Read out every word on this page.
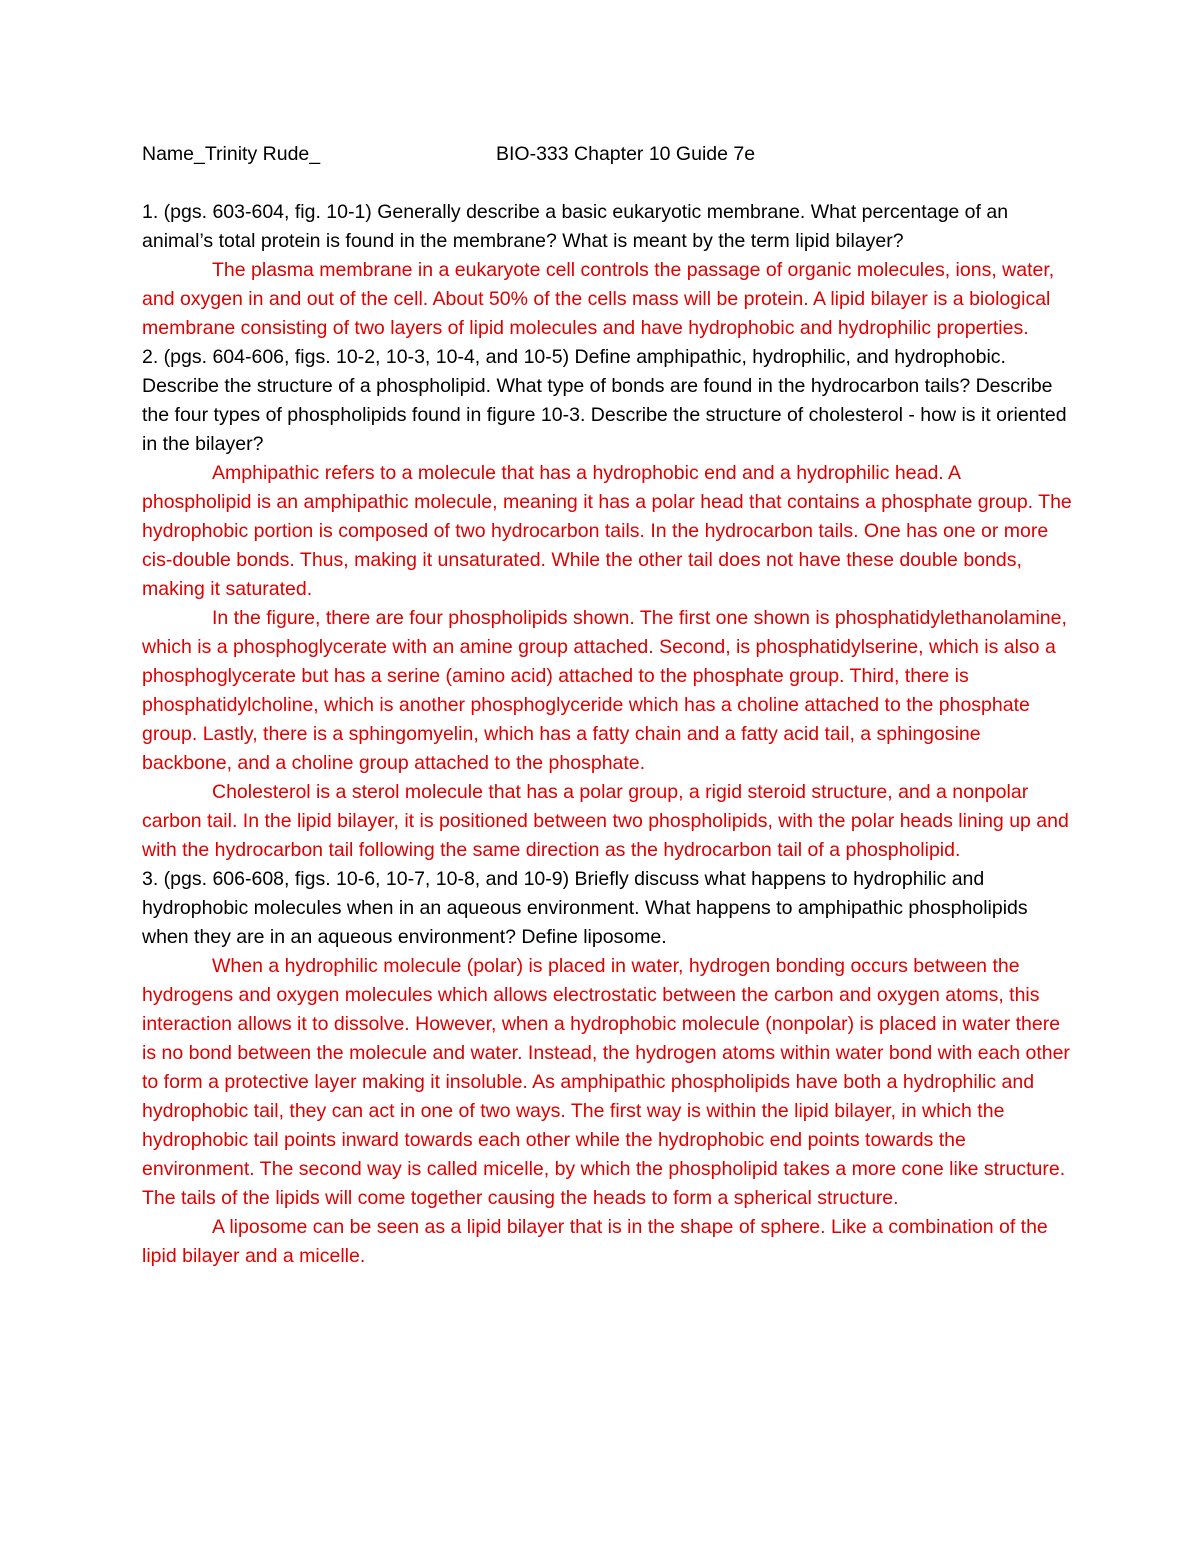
Name_Trinity Rude_	BIO-333 Chapter 10 Guide 7e

1. (pgs. 603-604, fig. 10-1) Generally describe a basic eukaryotic membrane. What percentage of an animal’s total protein is found in the membrane? What is meant by the term lipid bilayer?

The plasma membrane in a eukaryote cell controls the passage of organic molecules, ions, water, and oxygen in and out of the cell. About 50% of the cells mass will be protein. A lipid bilayer is a biological membrane consisting of two layers of lipid molecules and have hydrophobic and hydrophilic properties.

2. (pgs. 604-606, figs. 10-2, 10-3, 10-4, and 10-5) Define amphipathic, hydrophilic, and hydrophobic. Describe the structure of a phospholipid. What type of bonds are found in the hydrocarbon tails? Describe the four types of phospholipids found in figure 10-3. Describe the structure of cholesterol - how is it oriented in the bilayer?

Amphipathic refers to a molecule that has a hydrophobic end and a hydrophilic head. A phospholipid is an amphipathic molecule, meaning it has a polar head that contains a phosphate group. The hydrophobic portion is composed of two hydrocarbon tails. In the hydrocarbon tails. One has one or more cis-double bonds. Thus, making it unsaturated. While the other tail does not have these double bonds, making it saturated.

In the figure, there are four phospholipids shown. The first one shown is phosphatidylethanolamine, which is a phosphoglycerate with an amine group attached. Second, is phosphatidylserine, which is also a phosphoglycerate but has a serine (amino acid) attached to the phosphate group. Third, there is phosphatidylcholine, which is another phosphoglyceride which has a choline attached to the phosphate group. Lastly, there is a sphingomyelin, which has a fatty chain and a fatty acid tail, a sphingosine backbone, and a choline group attached to the phosphate.

Cholesterol is a sterol molecule that has a polar group, a rigid steroid structure, and a nonpolar carbon tail. In the lipid bilayer, it is positioned between two phospholipids, with the polar heads lining up and with the hydrocarbon tail following the same direction as the hydrocarbon tail of a phospholipid.

3. (pgs. 606-608, figs. 10-6, 10-7, 10-8, and 10-9) Briefly discuss what happens to hydrophilic and hydrophobic molecules when in an aqueous environment. What happens to amphipathic phospholipids when they are in an aqueous environment? Define liposome.

When a hydrophilic molecule (polar) is placed in water, hydrogen bonding occurs between the hydrogens and oxygen molecules which allows electrostatic between the carbon and oxygen atoms, this interaction allows it to dissolve. However, when a hydrophobic molecule (nonpolar) is placed in water there is no bond between the molecule and water. Instead, the hydrogen atoms within water bond with each other to form a protective layer making it insoluble. As amphipathic phospholipids have both a hydrophilic and hydrophobic tail, they can act in one of two ways. The first way is within the lipid bilayer, in which the hydrophobic tail points inward towards each other while the hydrophobic end points towards the environment. The second way is called micelle, by which the phospholipid takes a more cone like structure. The tails of the lipids will come together causing the heads to form a spherical structure.

A liposome can be seen as a lipid bilayer that is in the shape of sphere. Like a combination of the lipid bilayer and a micelle.
